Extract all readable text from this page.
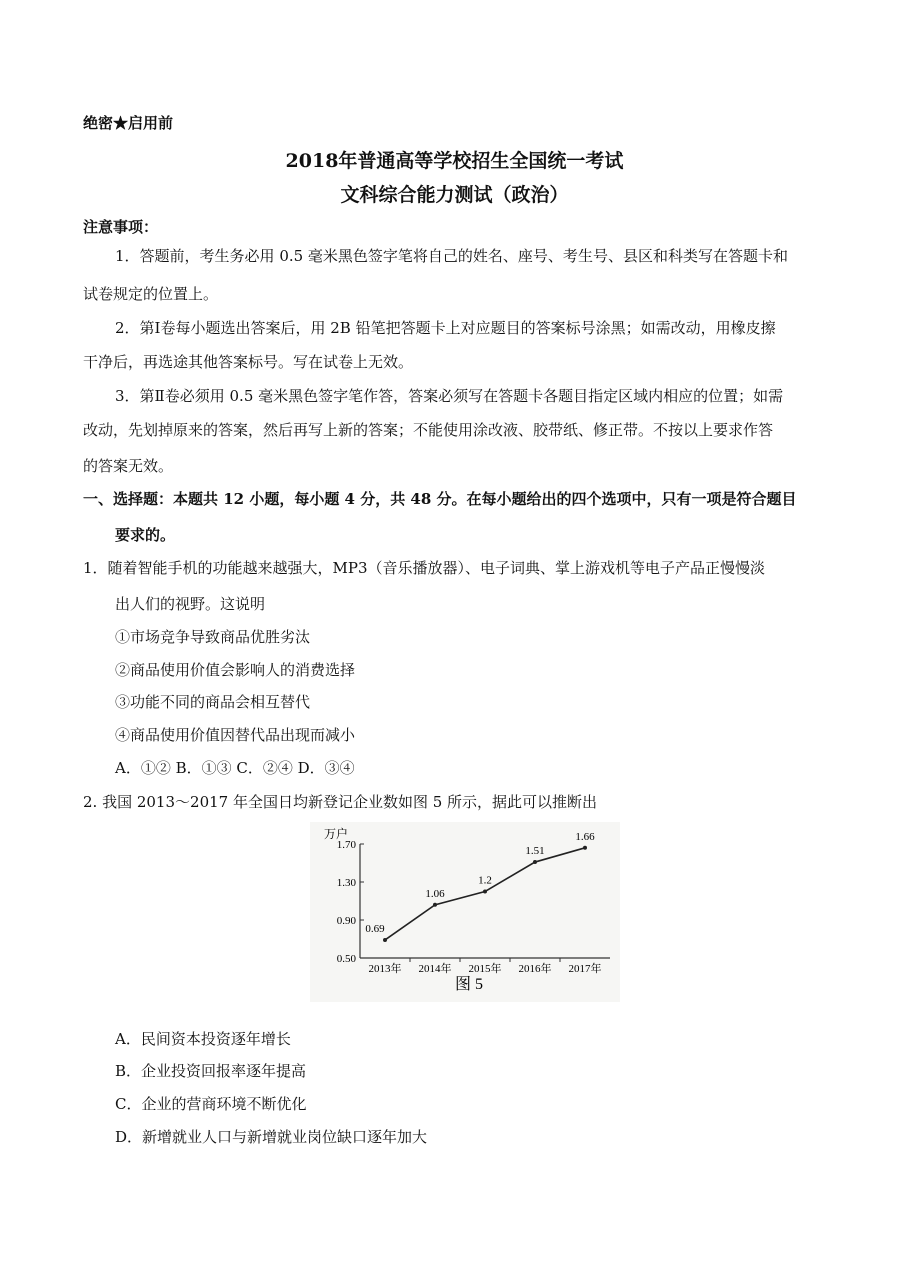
绝密★启用前
2018年普通高等学校招生全国统一考试
文科综合能力测试（政治）
注意事项：
1．答题前，考生务必用 0.5 毫米黑色签字笔将自己的姓名、座号、考生号、县区和科类写在答题卡和
试卷规定的位置上。
2．第Ⅰ卷每小题选出答案后，用 2B 铅笔把答题卡上对应题目的答案标号涂黑；如需改动，用橡皮擦
干净后，再选途其他答案标号。写在试卷上无效。
3．第Ⅱ卷必须用 0.5 毫米黑色签字笔作答，答案必须写在答题卡各题目指定区域内相应的位置；如需
改动，先划掉原来的答案，然后再写上新的答案；不能使用涂改液、胶带纸、修正带。不按以上要求作答
的答案无效。
一、选择题：本题共 12 小题，每小题 4 分，共 48 分。在每小题给出的四个选项中，只有一项是符合题目
要求的。
1．随着智能手机的功能越来越强大，MP3（音乐播放器）、电子词典、掌上游戏机等电子产品正慢慢淡
出人们的视野。这说明
①市场竞争导致商品优胜劣汰
②商品使用价值会影响人的消费选择
③功能不同的商品会相互替代
④商品使用价值因替代品出现而减小
A．①② B．①③ C．②④ D．③④
2. 我国 2013～2017 年全国日均新登记企业数如图 5 所示，据此可以推断出
万户
图 5
0.50
0.90
1.30
1.70
2013年 2014年 2015年 2016年 2017年
0.69
1.06
1.2
1.51
1.66
A．民间资本投资逐年增长
B．企业投资回报率逐年提高
C．企业的营商环境不断优化
D．新增就业人口与新增就业岗位缺口逐年加大
